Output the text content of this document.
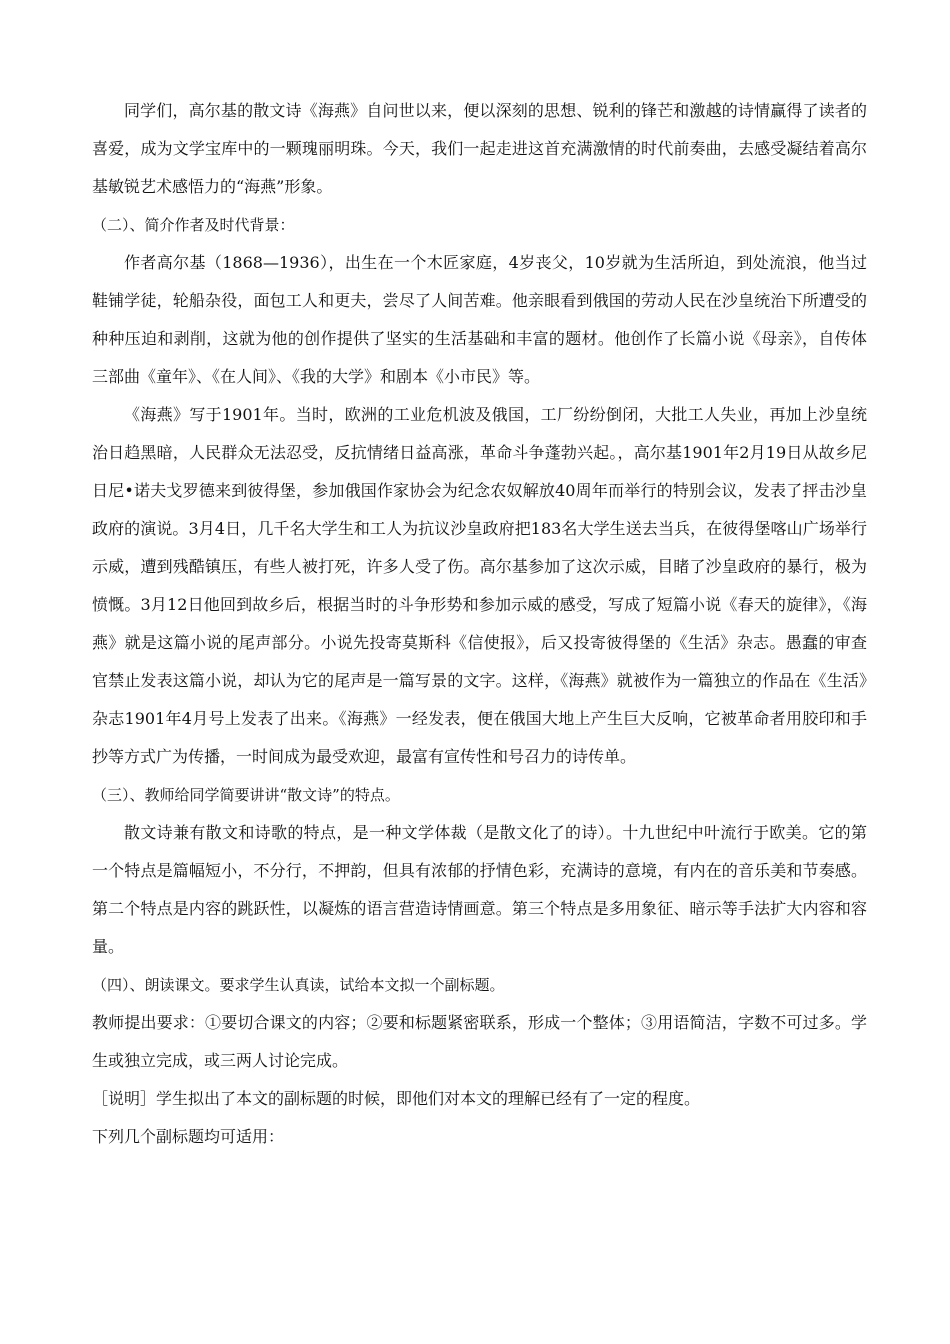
同学们，高尔基的散文诗《海燕》自问世以来，便以深刻的思想、锐利的锋芒和激越的诗情赢得了读者的喜爱，成为文学宝库中的一颗瑰丽明珠。今天，我们一起走进这首充满激情的时代前奏曲，去感受凝结着高尔基敏锐艺术感悟力的“海燕”形象。

（二）、简介作者及时代背景：

作者高尔基（1868—1936），出生在一个木匠家庭，4岁丧父，10岁就为生活所迫，到处流浪，他当过鞋铺学徒，轮船杂役，面包工人和更夫，尝尽了人间苦难。他亲眼看到俄国的劳动人民在沙皇统治下所遭受的种种压迫和剥削，这就为他的创作提供了坚实的生活基础和丰富的题材。他创作了长篇小说《母亲》，自传体三部曲《童年》、《在人间》、《我的大学》和剧本《小市民》等。

《海燕》写于1901年。当时，欧洲的工业危机波及俄国，工厂纷纷倒闭，大批工人失业，再加上沙皇统治日趋黑暗，人民群众无法忍受，反抗情绪日益高涨，革命斗争蓬勃兴起。，高尔基1901年2月19日从故乡尼日尼•诺夫戈罗德来到彼得堡，参加俄国作家协会为纪念农奴解放40周年而举行的特别会议，发表了抨击沙皇政府的演说。3月4日，几千名大学生和工人为抗议沙皇政府把183名大学生送去当兵，在彼得堡喀山广场举行示威，遭到残酷镇压，有些人被打死，许多人受了伤。高尔基参加了这次示威，目睹了沙皇政府的暴行，极为愤慨。3月12日他回到故乡后，根据当时的斗争形势和参加示威的感受，写成了短篇小说《春天的旋律》，《海燕》就是这篇小说的尾声部分。小说先投寄莫斯科《信使报》，后又投寄彼得堡的《生活》杂志。愚蠢的审查官禁止发表这篇小说，却认为它的尾声是一篇写景的文字。这样，《海燕》就被作为一篇独立的作品在《生活》杂志1901年4月号上发表了出来。《海燕》一经发表，便在俄国大地上产生巨大反响，它被革命者用胶印和手抄等方式广为传播，一时间成为最受欢迎，最富有宣传性和号召力的诗传单。

（三）、教师给同学简要讲讲“散文诗”的特点。

散文诗兼有散文和诗歌的特点，是一种文学体裁（是散文化了的诗）。十九世纪中叶流行于欧美。它的第一个特点是篇幅短小，不分行，不押韵，但具有浓郁的抒情色彩，充满诗的意境，有内在的音乐美和节奏感。第二个特点是内容的跳跃性，以凝炼的语言营造诗情画意。第三个特点是多用象征、暗示等手法扩大内容和容量。

（四）、朗读课文。要求学生认真读，试给本文拟一个副标题。

教师提出要求：①要切合课文的内容；②要和标题紧密联系，形成一个整体；③用语简洁，字数不可过多。学生或独立完成，或三两人讨论完成。

［说明］学生拟出了本文的副标题的时候，即他们对本文的理解已经有了一定的程度。

下列几个副标题均可适用：
